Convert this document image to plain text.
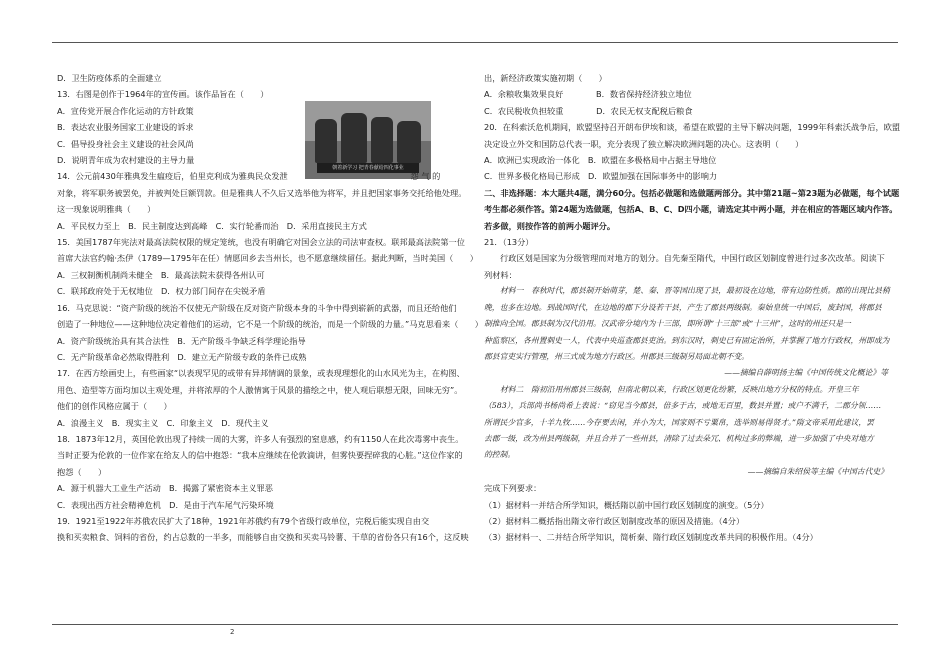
朝着新学习 把青春献给四化事业
D．卫生防疫体系的全面建立
13．右图是创作于1964年的宣传画。该作品旨在（　　）
A．宣传党开展合作化运动的方针政策
B．表达农业服务国家工业建设的诉求
C．倡导投身社会主义建设的社会风尚
D．说明青年成为农村建设的主导力量
14．公元前430年雅典发生瘟疫后，伯里克利成为雅典民众发泄　　　　　　　　　　　　　　　怨 气 的
对象，将军职务被罢免，并被判处巨额罚款。但是雅典人不久后又选举他为将军，并且把国家事务交托给他处理。
这一现象说明雅典（　　）
A．平民权力至上　B．民主制度达到高峰　C．实行轮番而治　D．采用直接民主方式
15．美国1787年宪法对最高法院权限的规定笼统，也没有明确它对国会立法的司法审查权。联邦最高法院第一位
首席大法官约翰·杰伊（1789—1795年在任）情愿回乡去当州长，也不愿意继续留任。据此判断，当时美国（　　）
A．三权制衡机制尚未健全　B．最高法院未获得各州认可
C．联邦政府处于无权地位　D．权力部门间存在尖锐矛盾
16．马克思说：“资产阶级的统治不仅使无产阶级在反对资产阶级本身的斗争中得到崭新的武器，而且还给他们
创造了一种地位——这种地位决定着他们的运动，它不是一个阶级的统治，而是一个阶级的力量。”马克思看来（　　）
A．资产阶级统治具有其合法性　B．无产阶级斗争缺乏科学理论指导
C．无产阶级革命必然取得胜利　D．建立无产阶级专政的条件已成熟
17．在西方绘画史上，有些画家“以表现罕见的或带有异邦情调的景象，或表现理想化的山水风光为主，在构图、
用色、造型等方面均加以主观处理，并将浓厚的个人激情寓于风景的描绘之中，使人观后联想无限，回味无穷”。
他们的创作风格应属于（　　）
A．浪漫主义　B．现实主义　C．印象主义　D．现代主义
18．1873年12月，英国伦敦出现了持续一周的大雾，许多人有强烈的窒息感，约有1150人在此次毒雾中丧生。
当时正要为伦敦的一位作家在给友人的信中抱怨：“我本应继续在伦敦滴讲，但雾快要捏碎我的心脏。”这位作家的
抱怨（　　）
A．源于机器大工业生产活动　B．揭露了紧密资本主义罪恶
C．表现出西方社会精神危机　D．是由于汽车尾气污染环境
19．1921至1922年苏俄农民扩大了18种，1921年苏俄约有79个省级行政单位，完税后能实现自由交
换和买卖粮食、饲料的省份，约占总数的一半多，而能够自由交换和买卖马铃薯、干草的省份各只有16个，这反映
出，新经济政策实施初期（　　）
A．余粮收集效果良好　　　　B．数省保持经济独立地位
C．农民税收负担较重　　　　D．农民无权支配税后粮食
20．在科索沃危机期间，欧盟坚持召开朗布伊埃和谈，希望在欧盟的主导下解决问题，1999年科索沃战争后，欧盟
决定设立外交和国防总代表一职，充分表现了独立解决欧洲问题的决心。这表明（　　）
A．欧洲已实现政治一体化　B．欧盟在多极格局中占据主导地位
C．世界多极化格局已形成　D．欧盟加强在国际事务中的影响力
二、非选择题：本大题共4题，满分60分。包括必做题和选做题两部分。其中第21题~第23题为必做题，每个试题考生都必须作答。第24题为选做题，包括A、B、C、D四小题，请选定其中两小题，并在相应的答题区域内作答。若多做，则按作答的前两小题评分。
21．（13分）
行政区划是国家为分级管理而对地方的划分。自先秦至隋代，中国行政区划制度曾进行过多次改革。阅读下
列材料：
材料一　春秋时代，郡县制开始萌芽，楚、秦、晋等国出现了县，最初设在边地，带有边防性质。郡的出现比县稍
晚，也多在边地。到战国时代，在边地的郡下分设若干县，产生了郡县两级制。秦始皇统一中国后，废封国，将郡县
制推向全国。郡县制为汉代沿用。汉武帝分境内为十三部，即所谓“十三部”或“十三州”，这时的州还只是一
种监察区，各州置刺史一人，代表中央巡查郡县吏治。到东汉时，刺史已有固定治所，并掌握了地方行政权，州即成为
郡县官吏实行管理，州三式成为地方行政区。州郡县三级制另局面北朝不变。
——摘编自薛明扬主编《中国传统文化概论》等
材料二　隋初沿用州郡县三级制，但南北朝以来，行政区划更化纷繁，反映出地方分权的特点。开皇三年
（583），兵部尚书杨尚希上表说：“窃见当今郡县，倍多于古，或地无百里，数县并置；或户不满千，二郡分领……
所谓民少官多，十羊九牧……今存要去闲，并小为大，国家则不亏粟帛，选举则易得贤才。”隋文帝采用此建议，罢
去郡一级，改为州县两级制，并且合并了一些州县，清除了过去朵冗、机构过多的弊端，进一步加强了中央对地方
的控制。
——摘编自朱绍侯等主编《中国古代史》
完成下列要求：
（1）据材料一并结合所学知识，概括隋以前中国行政区划制度的演变。（5分）
（2）据材料二概括指出隋文帝行政区划制度改革的原因及措施。（4分）
（3）据材料一、二并结合所学知识，简析秦、隋行政区划制度改革共同的积极作用。（4分）
2
